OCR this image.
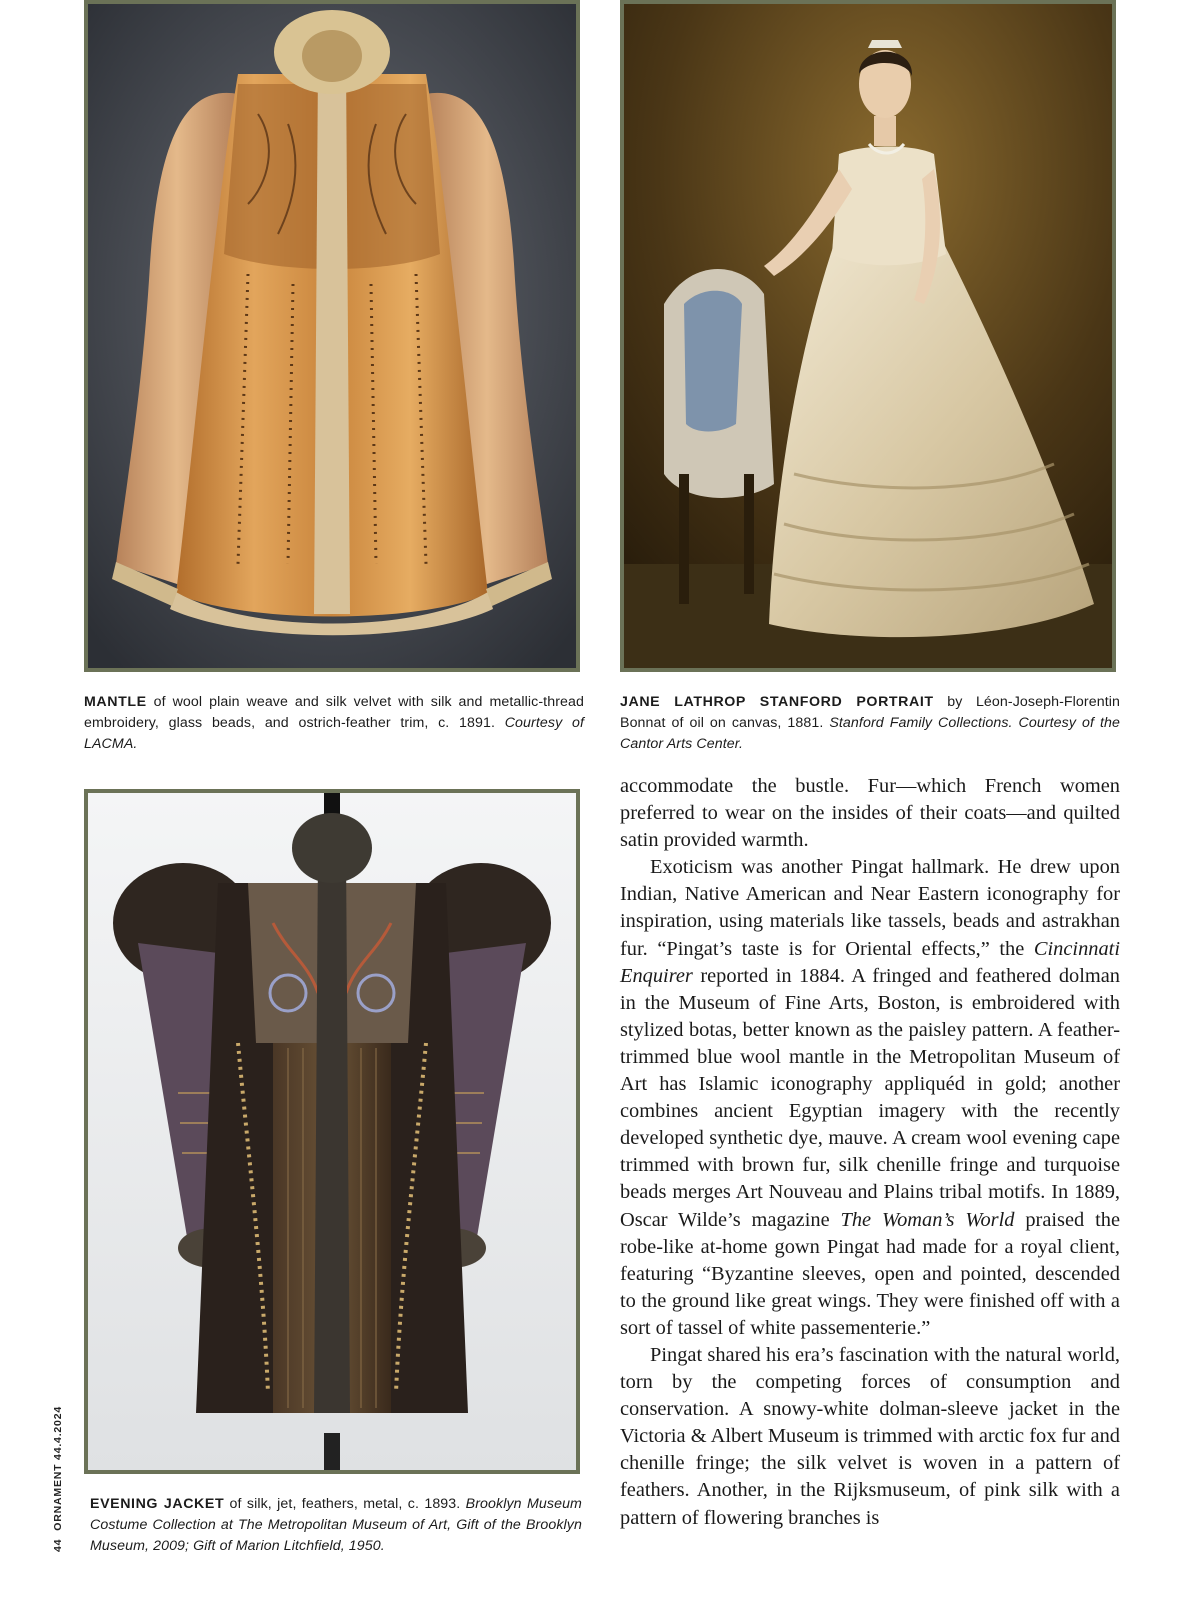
MANTLE of wool plain weave and silk velvet with silk and metallic-thread embroidery, glass beads, and ostrich-feather trim, c. 1891. Courtesy of LACMA.
JANE LATHROP STANFORD PORTRAIT by Léon-Joseph-Florentin Bonnat of oil on canvas, 1881. Stanford Family Collections. Courtesy of the Cantor Arts Center.
EVENING JACKET of silk, jet, feathers, metal, c. 1893. Brooklyn Museum Costume Collection at The Metropolitan Museum of Art, Gift of the Brooklyn Museum, 2009; Gift of Marion Litchfield, 1950.

accommodate the bustle. Fur—which French women preferred to wear on the insides of their coats—and quilted satin provided warmth.

Exoticism was another Pingat hallmark. He drew upon Indian, Native American and Near Eastern iconography for inspiration, using materials like tassels, beads and astrakhan fur. “Pingat’s taste is for Oriental effects,” the Cincinnati Enquirer reported in 1884. A fringed and feathered dolman in the Museum of Fine Arts, Boston, is embroidered with stylized botas, better known as the paisley pattern. A feather-trimmed blue wool mantle in the Metropolitan Museum of Art has Islamic iconography appliquéd in gold; another combines ancient Egyptian imagery with the recently developed synthetic dye, mauve. A cream wool evening cape trimmed with brown fur, silk chenille fringe and turquoise beads merges Art Nouveau and Plains tribal motifs. In 1889, Oscar Wilde’s magazine The Woman’s World praised the robe-like at-home gown Pingat had made for a royal client, featuring “Byzantine sleeves, open and pointed, descended to the ground like great wings. They were finished off with a sort of tassel of white passementerie.”

Pingat shared his era’s fascination with the natural world, torn by the competing forces of consumption and conservation. A snowy-white dolman-sleeve jacket in the Victoria & Albert Museum is trimmed with arctic fox fur and chenille fringe; the silk velvet is woven in a pattern of feathers. Another, in the Rijksmuseum, of pink silk with a pattern of flowering branches is

44ORNAMENT 44.4.2024
